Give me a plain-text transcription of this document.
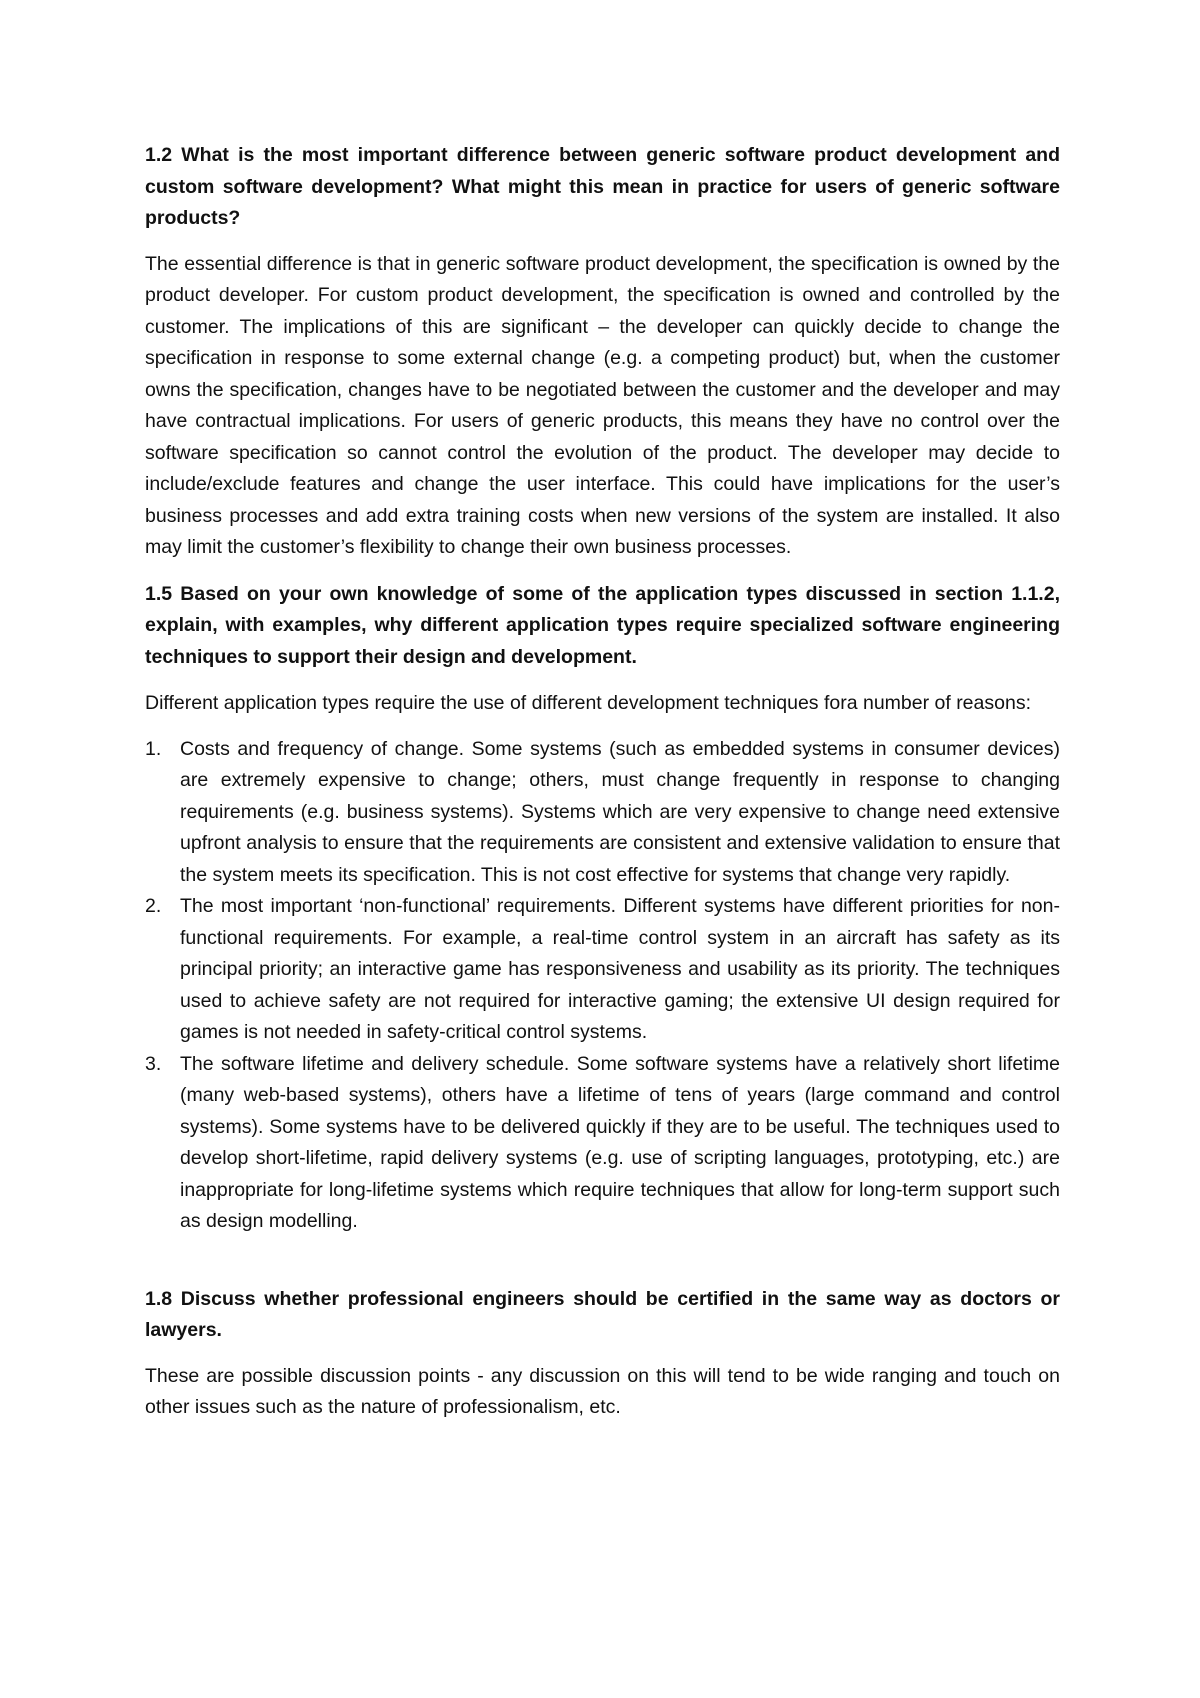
1.2 What is the most important difference between generic software product development and custom software development? What might this mean in practice for users of generic software products?

The essential difference is that in generic software product development, the specification is owned by the product developer. For custom product development, the specification is owned and controlled by the customer. The implications of this are significant – the developer can quickly decide to change the specification in response to some external change (e.g. a competing product) but, when the customer owns the specification, changes have to be negotiated between the customer and the developer and may have contractual implications. For users of generic products, this means they have no control over the software specification so cannot control the evolution of the product. The developer may decide to include/exclude features and change the user interface. This could have implications for the user’s business processes and add extra training costs when new versions of the system are installed. It also may limit the customer’s flexibility to change their own business processes.

1.5 Based on your own knowledge of some of the application types discussed in section 1.1.2, explain, with examples, why different application types require specialized software engineering techniques to support their design and development.

Different application types require the use of different development techniques fora number of reasons:

1. Costs and frequency of change. Some systems (such as embedded systems in consumer devices) are extremely expensive to change; others, must change frequently in response to changing requirements (e.g. business systems). Systems which are very expensive to change need extensive upfront analysis to ensure that the requirements are consistent and extensive validation to ensure that the system meets its specification. This is not cost effective for systems that change very rapidly.
2. The most important ‘non-functional’ requirements. Different systems have different priorities for non-functional requirements. For example, a real-time control system in an aircraft has safety as its principal priority; an interactive game has responsiveness and usability as its priority. The techniques used to achieve safety are not required for interactive gaming; the extensive UI design required for games is not needed in safety-critical control systems.
3. The software lifetime and delivery schedule. Some software systems have a relatively short lifetime (many web-based systems), others have a lifetime of tens of years (large command and control systems). Some systems have to be delivered quickly if they are to be useful. The techniques used to develop short-lifetime, rapid delivery systems (e.g. use of scripting languages, prototyping, etc.) are inappropriate for long-lifetime systems which require techniques that allow for long-term support such as design modelling.

1.8 Discuss whether professional engineers should be certified in the same way as doctors or lawyers.

These are possible discussion points - any discussion on this will tend to be wide ranging and touch on other issues such as the nature of professionalism, etc.
